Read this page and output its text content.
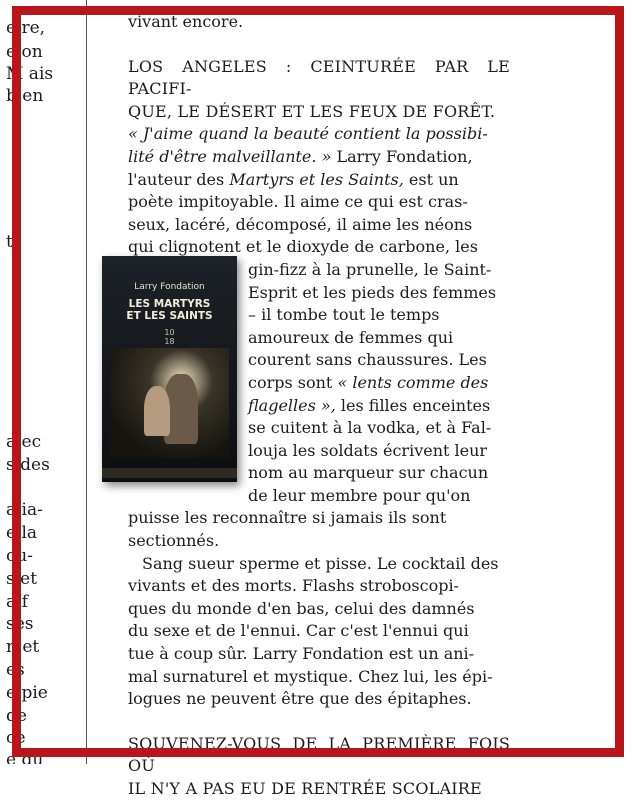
e re,
e on
M ais
b en
t
a ec
s des
a ia-
e la
ou-
s et
aïf
ses
n et
es
e pie
de
ce
e du

vivant encore.

LOS ANGELES : CEINTURÉE PAR LE PACIFI-
QUE, LE DÉSERT ET LES FEUX DE FORÊT.
« J'aime quand la beauté contient la possibi-
lité d'être malveillante. » Larry Fondation,
l'auteur des Martyrs et les Saints, est un
poète impitoyable. Il aime ce qui est cras-
seux, lacéré, décomposé, il aime les néons
qui clignotent et le dioxyde de carbone, les

gin-fizz à la prunelle, le Saint-
Esprit et les pieds des femmes
– il tombe tout le temps
amoureux de femmes qui
courent sans chaussures. Les
corps sont « lents comme des
flagelles », les filles enceintes
se cuitent à la vodka, et à Fal-
louja les soldats écrivent leur
nom au marqueur sur chacun
de leur membre pour qu'on

puisse les reconnaître si jamais ils sont
sectionnés.

Sang sueur sperme et pisse. Le cocktail des
vivants et des morts. Flashs stroboscopi-
ques du monde d'en bas, celui des damnés
du sexe et de l'ennui. Car c'est l'ennui qui
tue à coup sûr. Larry Fondation est un ani-
mal surnaturel et mystique. Chez lui, les épi-
logues ne peuvent être que des épitaphes.

SOUVENEZ-VOUS DE LA PREMIÈRE FOIS OÙ
IL N'Y A PAS EU DE RENTRÉE SCOLAIRE

Larry Fondation
LES MARTYRS
ET LES SAINTS
10
18
